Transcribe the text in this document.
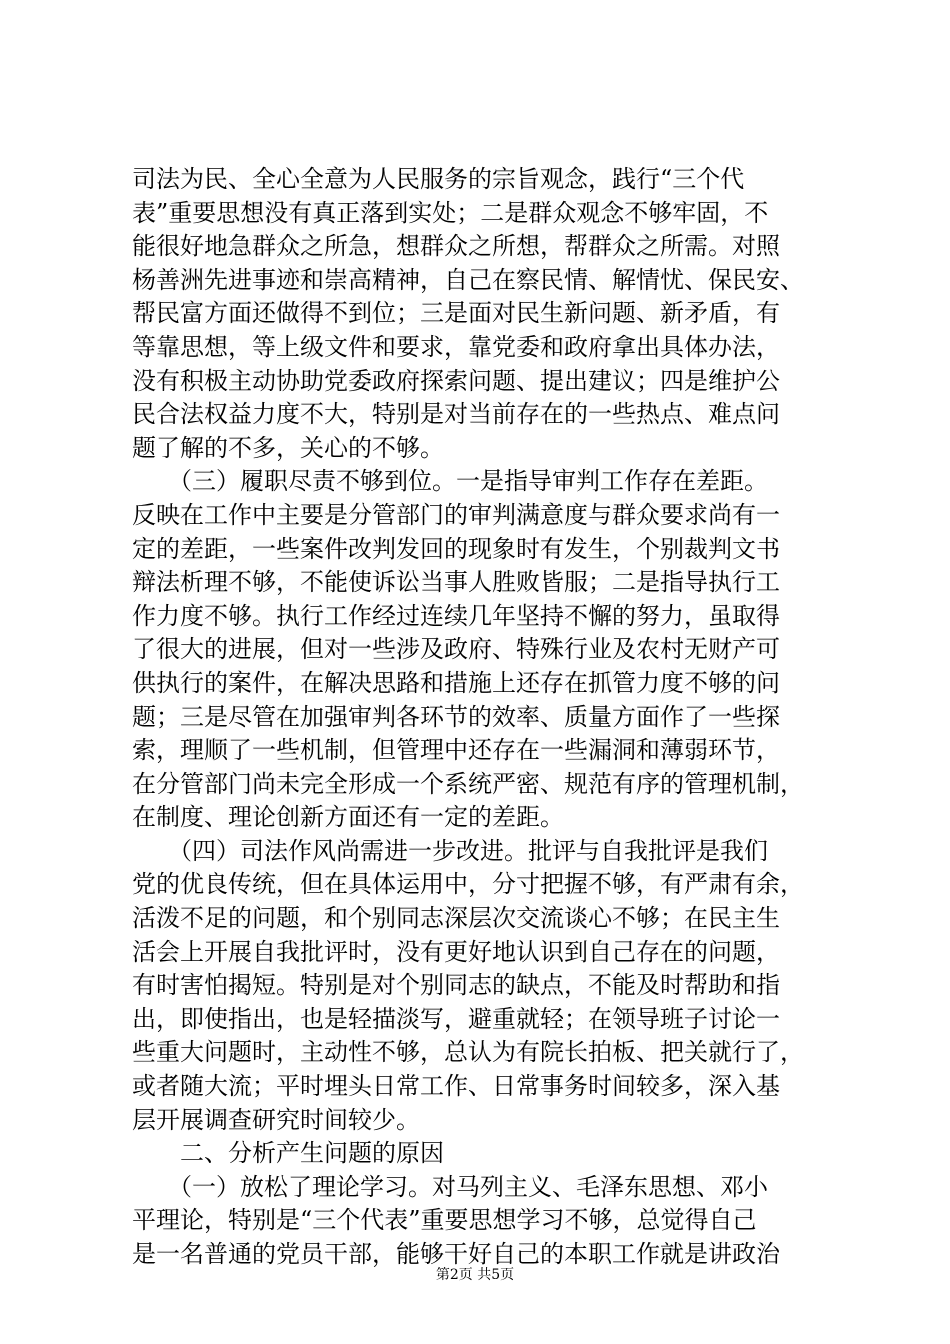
司法为民、全心全意为人民服务的宗旨观念，践行“三个代
表”重要思想没有真正落到实处；二是群众观念不够牢固，不
能很好地急群众之所急，想群众之所想，帮群众之所需。对照
杨善洲先进事迹和崇高精神，自己在察民情、解情忧、保民安、
帮民富方面还做得不到位；三是面对民生新问题、新矛盾，有
等靠思想，等上级文件和要求，靠党委和政府拿出具体办法，
没有积极主动协助党委政府探索问题、提出建议；四是维护公
民合法权益力度不大，特别是对当前存在的一些热点、难点问
题了解的不多，关心的不够。
　　（三）履职尽责不够到位。一是指导审判工作存在差距。
反映在工作中主要是分管部门的审判满意度与群众要求尚有一
定的差距，一些案件改判发回的现象时有发生，个别裁判文书
辩法析理不够，不能使诉讼当事人胜败皆服；二是指导执行工
作力度不够。执行工作经过连续几年坚持不懈的努力，虽取得
了很大的进展，但对一些涉及政府、特殊行业及农村无财产可
供执行的案件，在解决思路和措施上还存在抓管力度不够的问
题；三是尽管在加强审判各环节的效率、质量方面作了一些探
索，理顺了一些机制，但管理中还存在一些漏洞和薄弱环节，
在分管部门尚未完全形成一个系统严密、规范有序的管理机制，
在制度、理论创新方面还有一定的差距。
　　（四）司法作风尚需进一步改进。批评与自我批评是我们
党的优良传统，但在具体运用中，分寸把握不够，有严肃有余，
活泼不足的问题，和个别同志深层次交流谈心不够；在民主生
活会上开展自我批评时，没有更好地认识到自己存在的问题，
有时害怕揭短。特别是对个别同志的缺点，不能及时帮助和指
出，即使指出，也是轻描淡写，避重就轻；在领导班子讨论一
些重大问题时，主动性不够，总认为有院长拍板、把关就行了，
或者随大流；平时埋头日常工作、日常事务时间较多，深入基
层开展调查研究时间较少。
　　二、分析产生问题的原因
　　（一）放松了理论学习。对马列主义、毛泽东思想、邓小
平理论，特别是“三个代表”重要思想学习不够，总觉得自己
是一名普通的党员干部，能够干好自己的本职工作就是讲政治
第2页 共5页
